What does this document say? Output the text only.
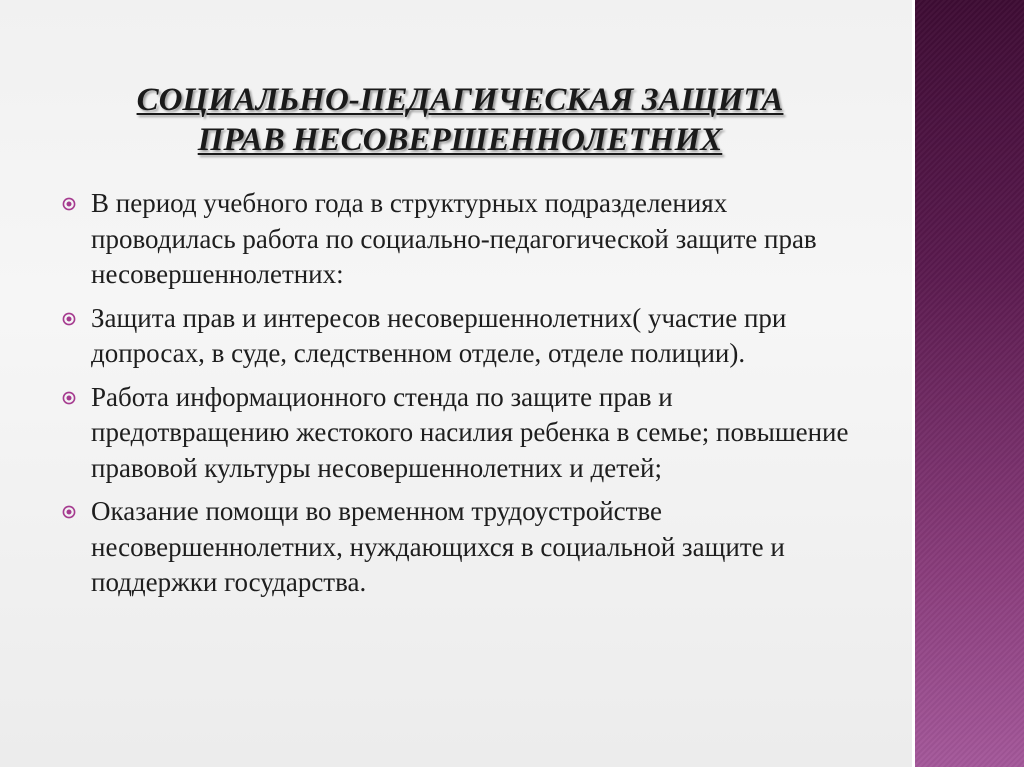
СОЦИАЛЬНО-ПЕДАГИЧЕСКАЯ ЗАЩИТА
ПРАВ НЕСОВЕРШЕННОЛЕТНИХ
В период учебного года в структурных подразделениях проводилась работа по социально-педагогической защите прав несовершеннолетних:
Защита прав и интересов несовершеннолетних( участие при допросах, в суде, следственном отделе, отделе полиции).
Работа информационного стенда по защите прав и предотвращению жестокого насилия ребенка в семье; повышение правовой культуры несовершеннолетних и детей;
Оказание помощи во временном трудоустройстве несовершеннолетних, нуждающихся в социальной защите и поддержки государства.
